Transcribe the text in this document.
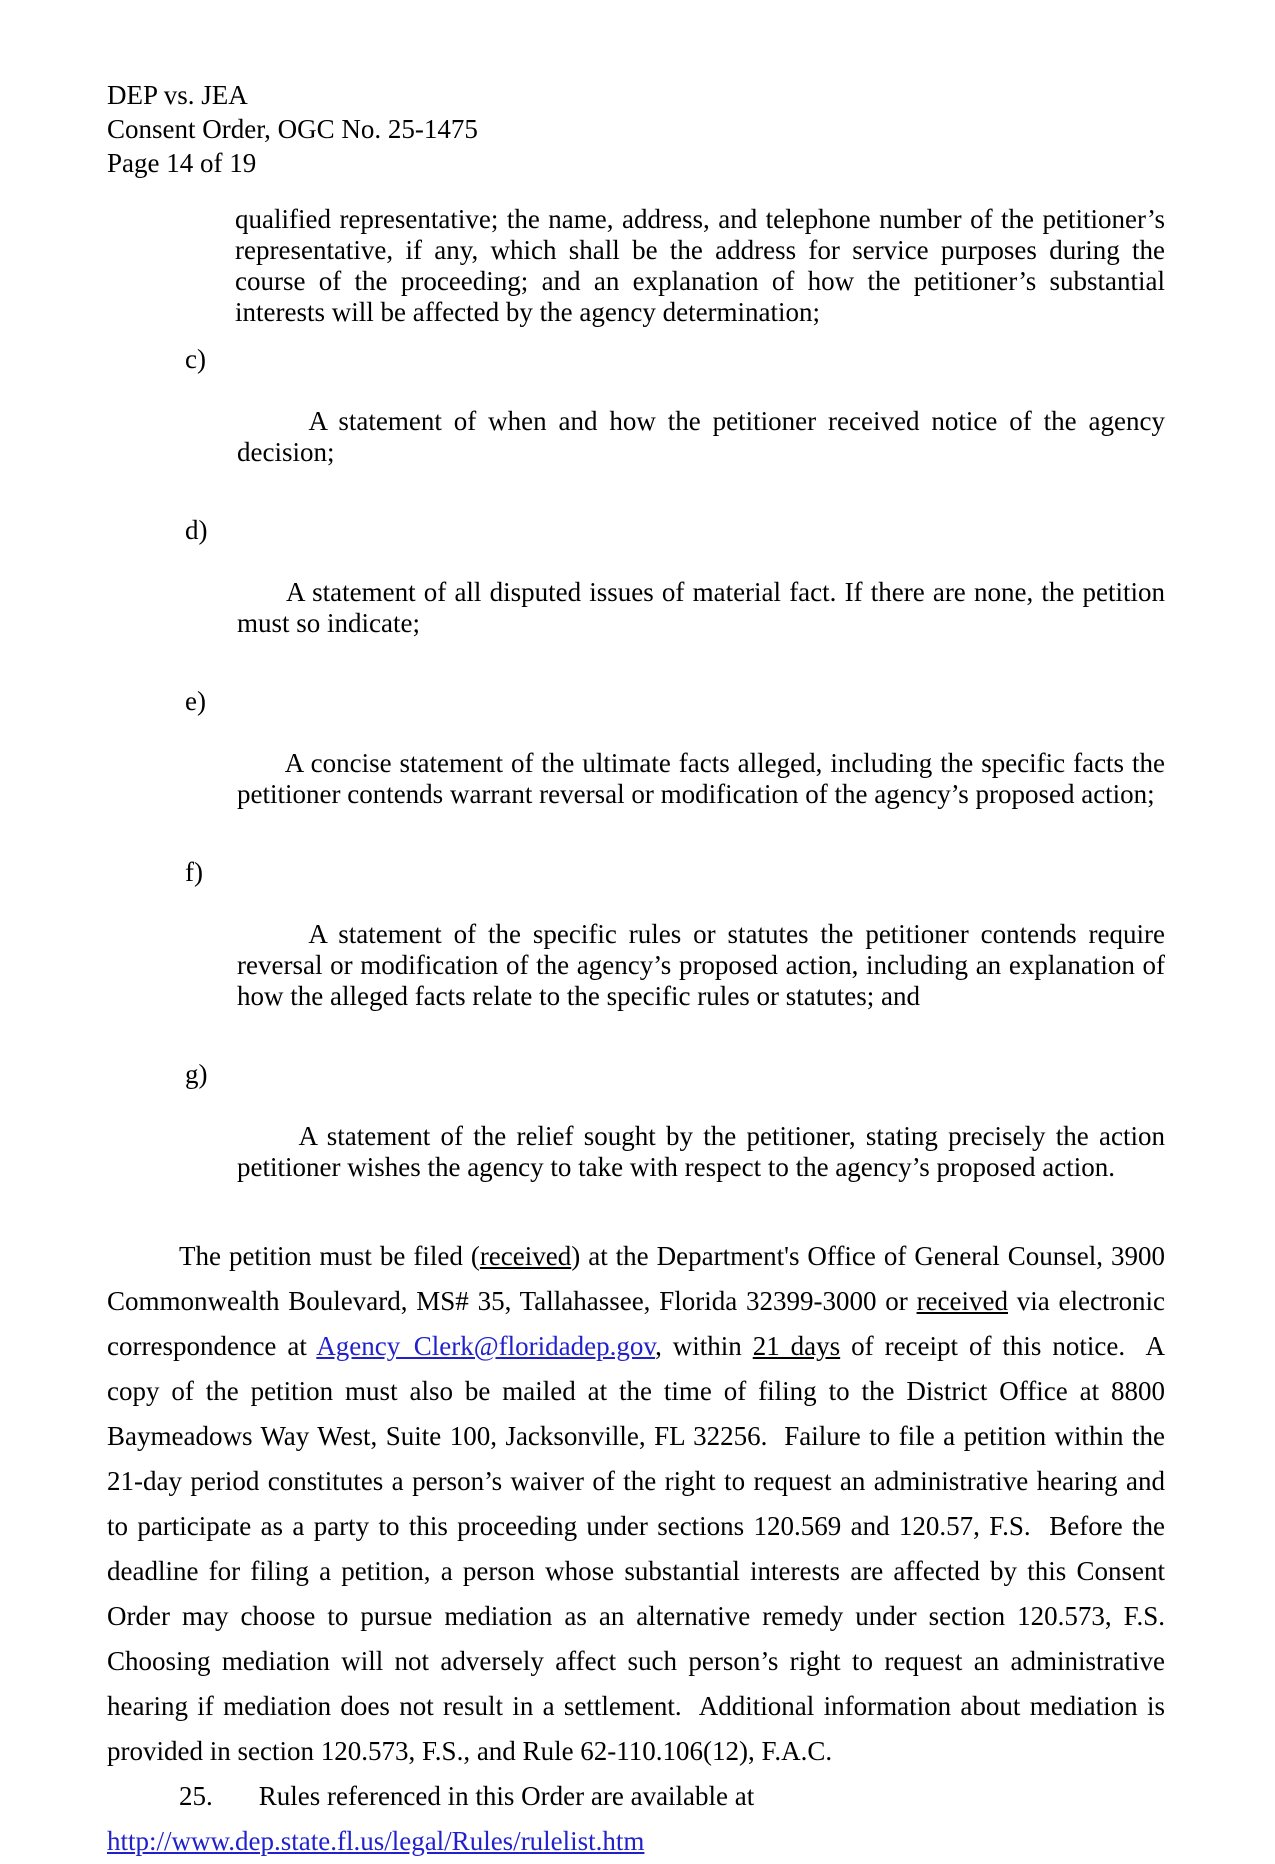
DEP vs. JEA
Consent Order, OGC No. 25-1475
Page 14 of 19

qualified representative; the name, address, and telephone number of the petitioner’s representative, if any, which shall be the address for service purposes during the course of the proceeding; and an explanation of how the petitioner’s substantial interests will be affected by the agency determination;

c)

A statement of when and how the petitioner received notice of the agency decision;

d)

A statement of all disputed issues of material fact. If there are none, the petition must so indicate;

e)

A concise statement of the ultimate facts alleged, including the specific facts the petitioner contends warrant reversal or modification of the agency’s proposed action;

f)

A statement of the specific rules or statutes the petitioner contends require reversal or modification of the agency’s proposed action, including an explanation of how the alleged facts relate to the specific rules or statutes; and

g)

A statement of the relief sought by the petitioner, stating precisely the action petitioner wishes the agency to take with respect to the agency’s proposed action.

The petition must be filed (received) at the Department's Office of General Counsel, 3900 Commonwealth Boulevard, MS# 35, Tallahassee, Florida 32399-3000 or received via electronic correspondence at Agency_Clerk@floridadep.gov, within 21 days of receipt of this notice.  A copy of the petition must also be mailed at the time of filing to the District Office at 8800 Baymeadows Way West, Suite 100, Jacksonville, FL 32256.  Failure to file a petition within the 21-day period constitutes a person’s waiver of the right to request an administrative hearing and to participate as a party to this proceeding under sections 120.569 and 120.57, F.S.  Before the deadline for filing a petition, a person whose substantial interests are affected by this Consent Order may choose to pursue mediation as an alternative remedy under section 120.573, F.S.  Choosing mediation will not adversely affect such person’s right to request an administrative hearing if mediation does not result in a settlement.  Additional information about mediation is provided in section 120.573, F.S., and Rule 62-110.106(12), F.A.C.

25. Rules referenced in this Order are available at

http://www.dep.state.fl.us/legal/Rules/rulelist.htm
